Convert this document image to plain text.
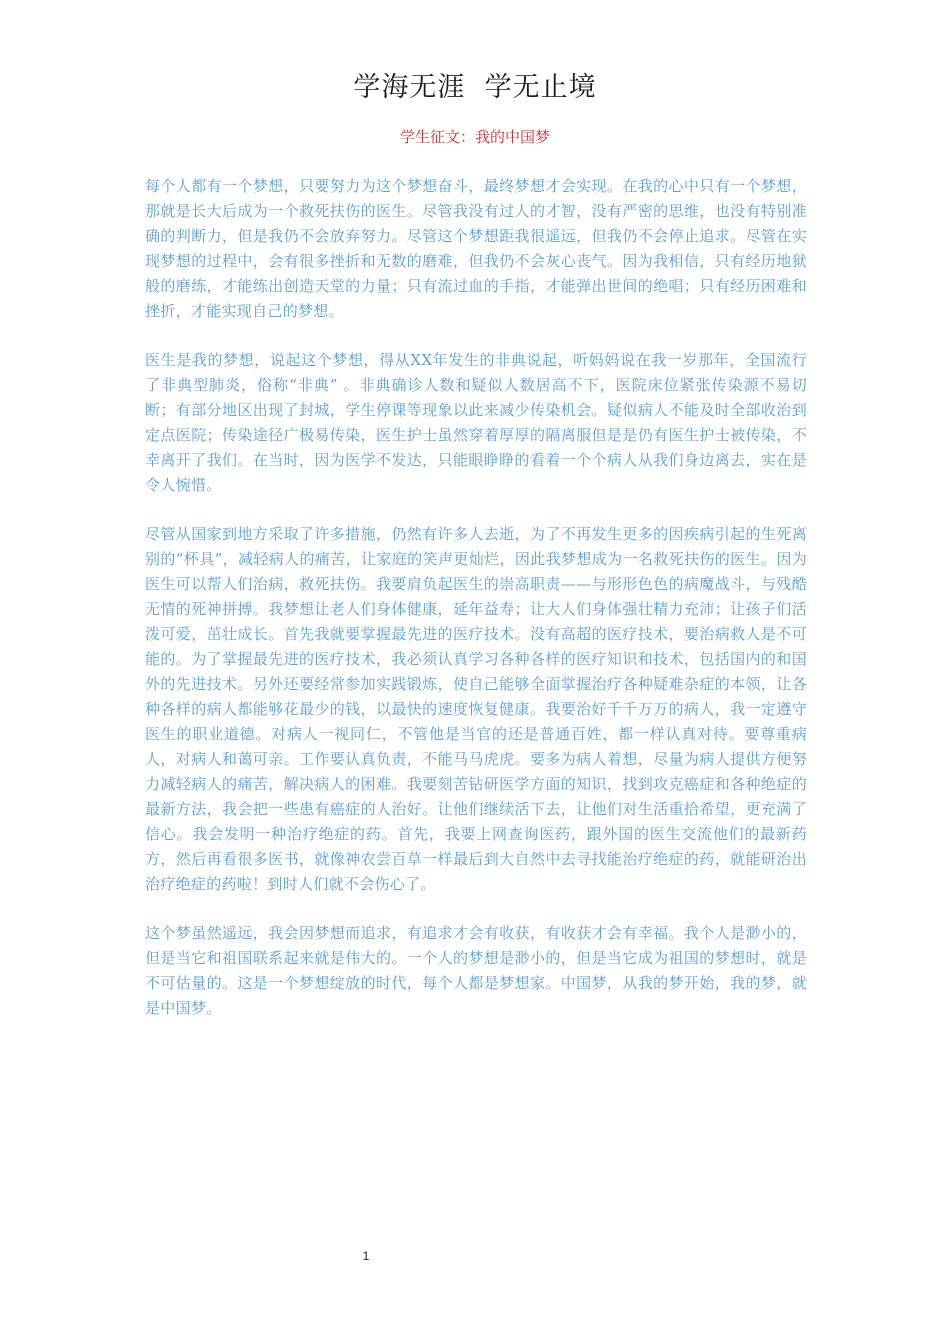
学海无涯  学无止境
学生征文：我的中国梦

每个人都有一个梦想，只要努力为这个梦想奋斗，最终梦想才会实现。在我的心中只有一个梦想，那就是长大后成为一个救死扶伤的医生。尽管我没有过人的才智，没有严密的思维，也没有特别准确的判断力，但是我仍不会放弃努力。尽管这个梦想距我很遥远，但我仍不会停止追求。尽管在实现梦想的过程中，会有很多挫折和无数的磨难，但我仍不会灰心丧气。因为我相信，只有经历地狱般的磨练，才能练出创造天堂的力量；只有流过血的手指，才能弹出世间的绝唱；只有经历困难和挫折，才能实现自己的梦想。

医生是我的梦想，说起这个梦想，得从XX年发生的非典说起，听妈妈说在我一岁那年，全国流行了非典型肺炎，俗称“非典” 。非典确诊人数和疑似人数居高不下，医院床位紧张传染源不易切断；有部分地区出现了封城，学生停课等现象以此来减少传染机会。疑似病人不能及时全部收治到定点医院；传染途径广极易传染，医生护士虽然穿着厚厚的隔离服但是是仍有医生护士被传染，不幸离开了我们。在当时，因为医学不发达，只能眼睁睁的看着一个个病人从我们身边离去，实在是令人惋惜。

尽管从国家到地方采取了许多措施，仍然有许多人去逝，为了不再发生更多的因疾病引起的生死离别的“杯具”，减轻病人的痛苦，让家庭的笑声更灿烂，因此我梦想成为一名救死扶伤的医生。因为医生可以帮人们治病，救死扶伤。我要肩负起医生的崇高职责——与形形色色的病魔战斗，与残酷无情的死神拼搏。我梦想让老人们身体健康，延年益寿；让大人们身体强壮精力充沛；让孩子们活泼可爱，茁壮成长。首先我就要掌握最先进的医疗技术。没有高超的医疗技术，要治病救人是不可能的。为了掌握最先进的医疗技术，我必须认真学习各种各样的医疗知识和技术，包括国内的和国外的先进技术。另外还要经常参加实践锻炼，使自己能够全面掌握治疗各种疑难杂症的本领，让各种各样的病人都能够花最少的钱，以最快的速度恢复健康。我要治好千千万万的病人，我一定遵守医生的职业道德。对病人一视同仁，不管他是当官的还是普通百姓，都一样认真对待。要尊重病人，对病人和蔼可亲。工作要认真负责，不能马马虎虎。要多为病人着想，尽量为病人提供方便努力减轻病人的痛苦，解决病人的困难。我要刻苦钻研医学方面的知识，找到攻克癌症和各种绝症的最新方法，我会把一些患有癌症的人治好。让他们继续活下去，让他们对生活重拾希望，更充满了信心。我会发明一种治疗绝症的药。首先，我要上网查询医药，跟外国的医生交流他们的最新药方，然后再看很多医书，就像神农尝百草一样最后到大自然中去寻找能治疗绝症的药，就能研治出治疗绝症的药啦！到时人们就不会伤心了。

这个梦虽然遥远，我会因梦想而追求，有追求才会有收获，有收获才会有幸福。我个人是渺小的，但是当它和祖国联系起来就是伟大的。一个人的梦想是渺小的，但是当它成为祖国的梦想时，就是不可估量的。这是一个梦想绽放的时代，每个人都是梦想家。中国梦，从我的梦开始，我的梦，就是中国梦。

1
